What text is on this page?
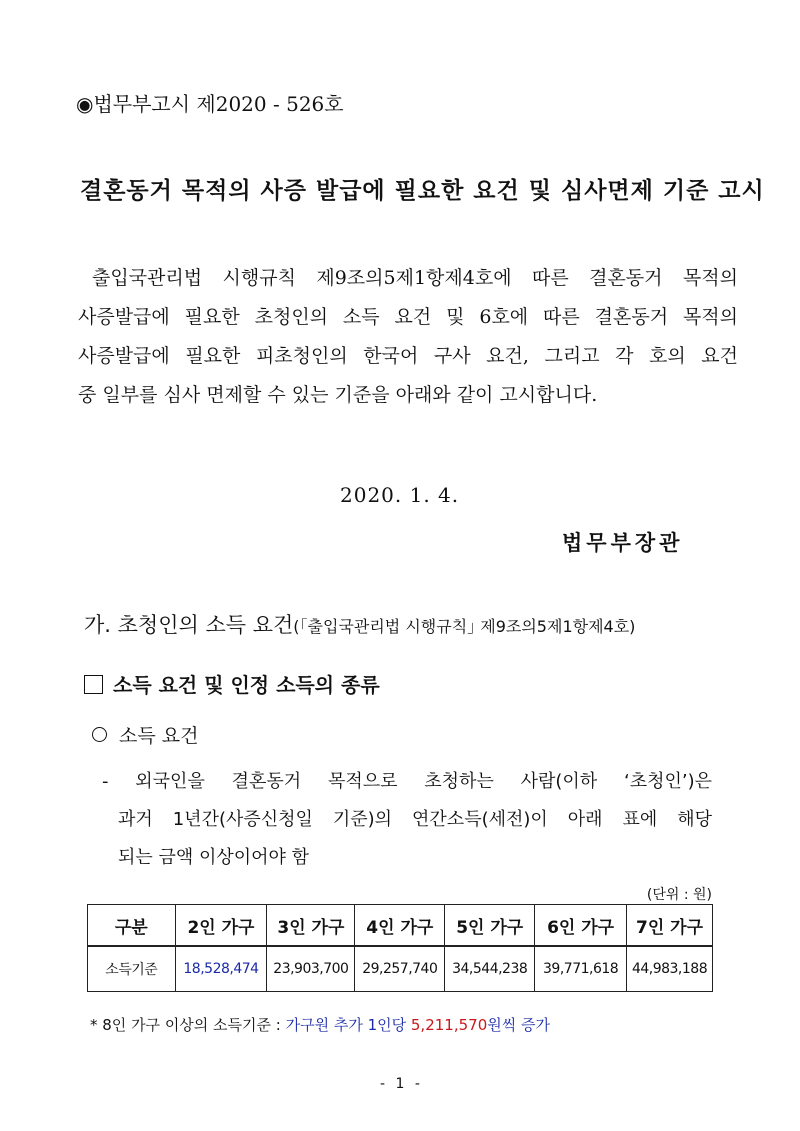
◉법무부고시 제2020 - 526호
결혼동거 목적의 사증 발급에 필요한 요건 및 심사면제 기준 고시
출입국관리법 시행규칙 제9조의5제1항제4호에 따른 결혼동거 목적의
사증발급에 필요한 초청인의 소득 요건 및 6호에 따른 결혼동거 목적의
사증발급에 필요한 피초청인의 한국어 구사 요건, 그리고 각 호의 요건
중 일부를 심사 면제할 수 있는 기준을 아래와 같이 고시합니다.
2020. 1. 4.
법무부장관
가. 초청인의 소득 요건(｢출입국관리법 시행규칙｣ 제9조의5제1항제4호)
소득 요건 및 인정 소득의 종류
소득 요건
- 외국인을 결혼동거 목적으로 초청하는 사람(이하 ‘초청인’)은
과거 1년간(사증신청일 기준)의 연간소득(세전)이 아래 표에 해당
되는 금액 이상이어야 함
(단위 : 원)
구분	2인 가구	3인 가구	4인 가구	5인 가구	6인 가구	7인 가구
소득기준	18,528,474	23,903,700	29,257,740	34,544,238	39,771,618	44,983,188
* 8인 가구 이상의 소득기준 : 가구원 추가 1인당 5,211,570원씩 증가
- 1 -
